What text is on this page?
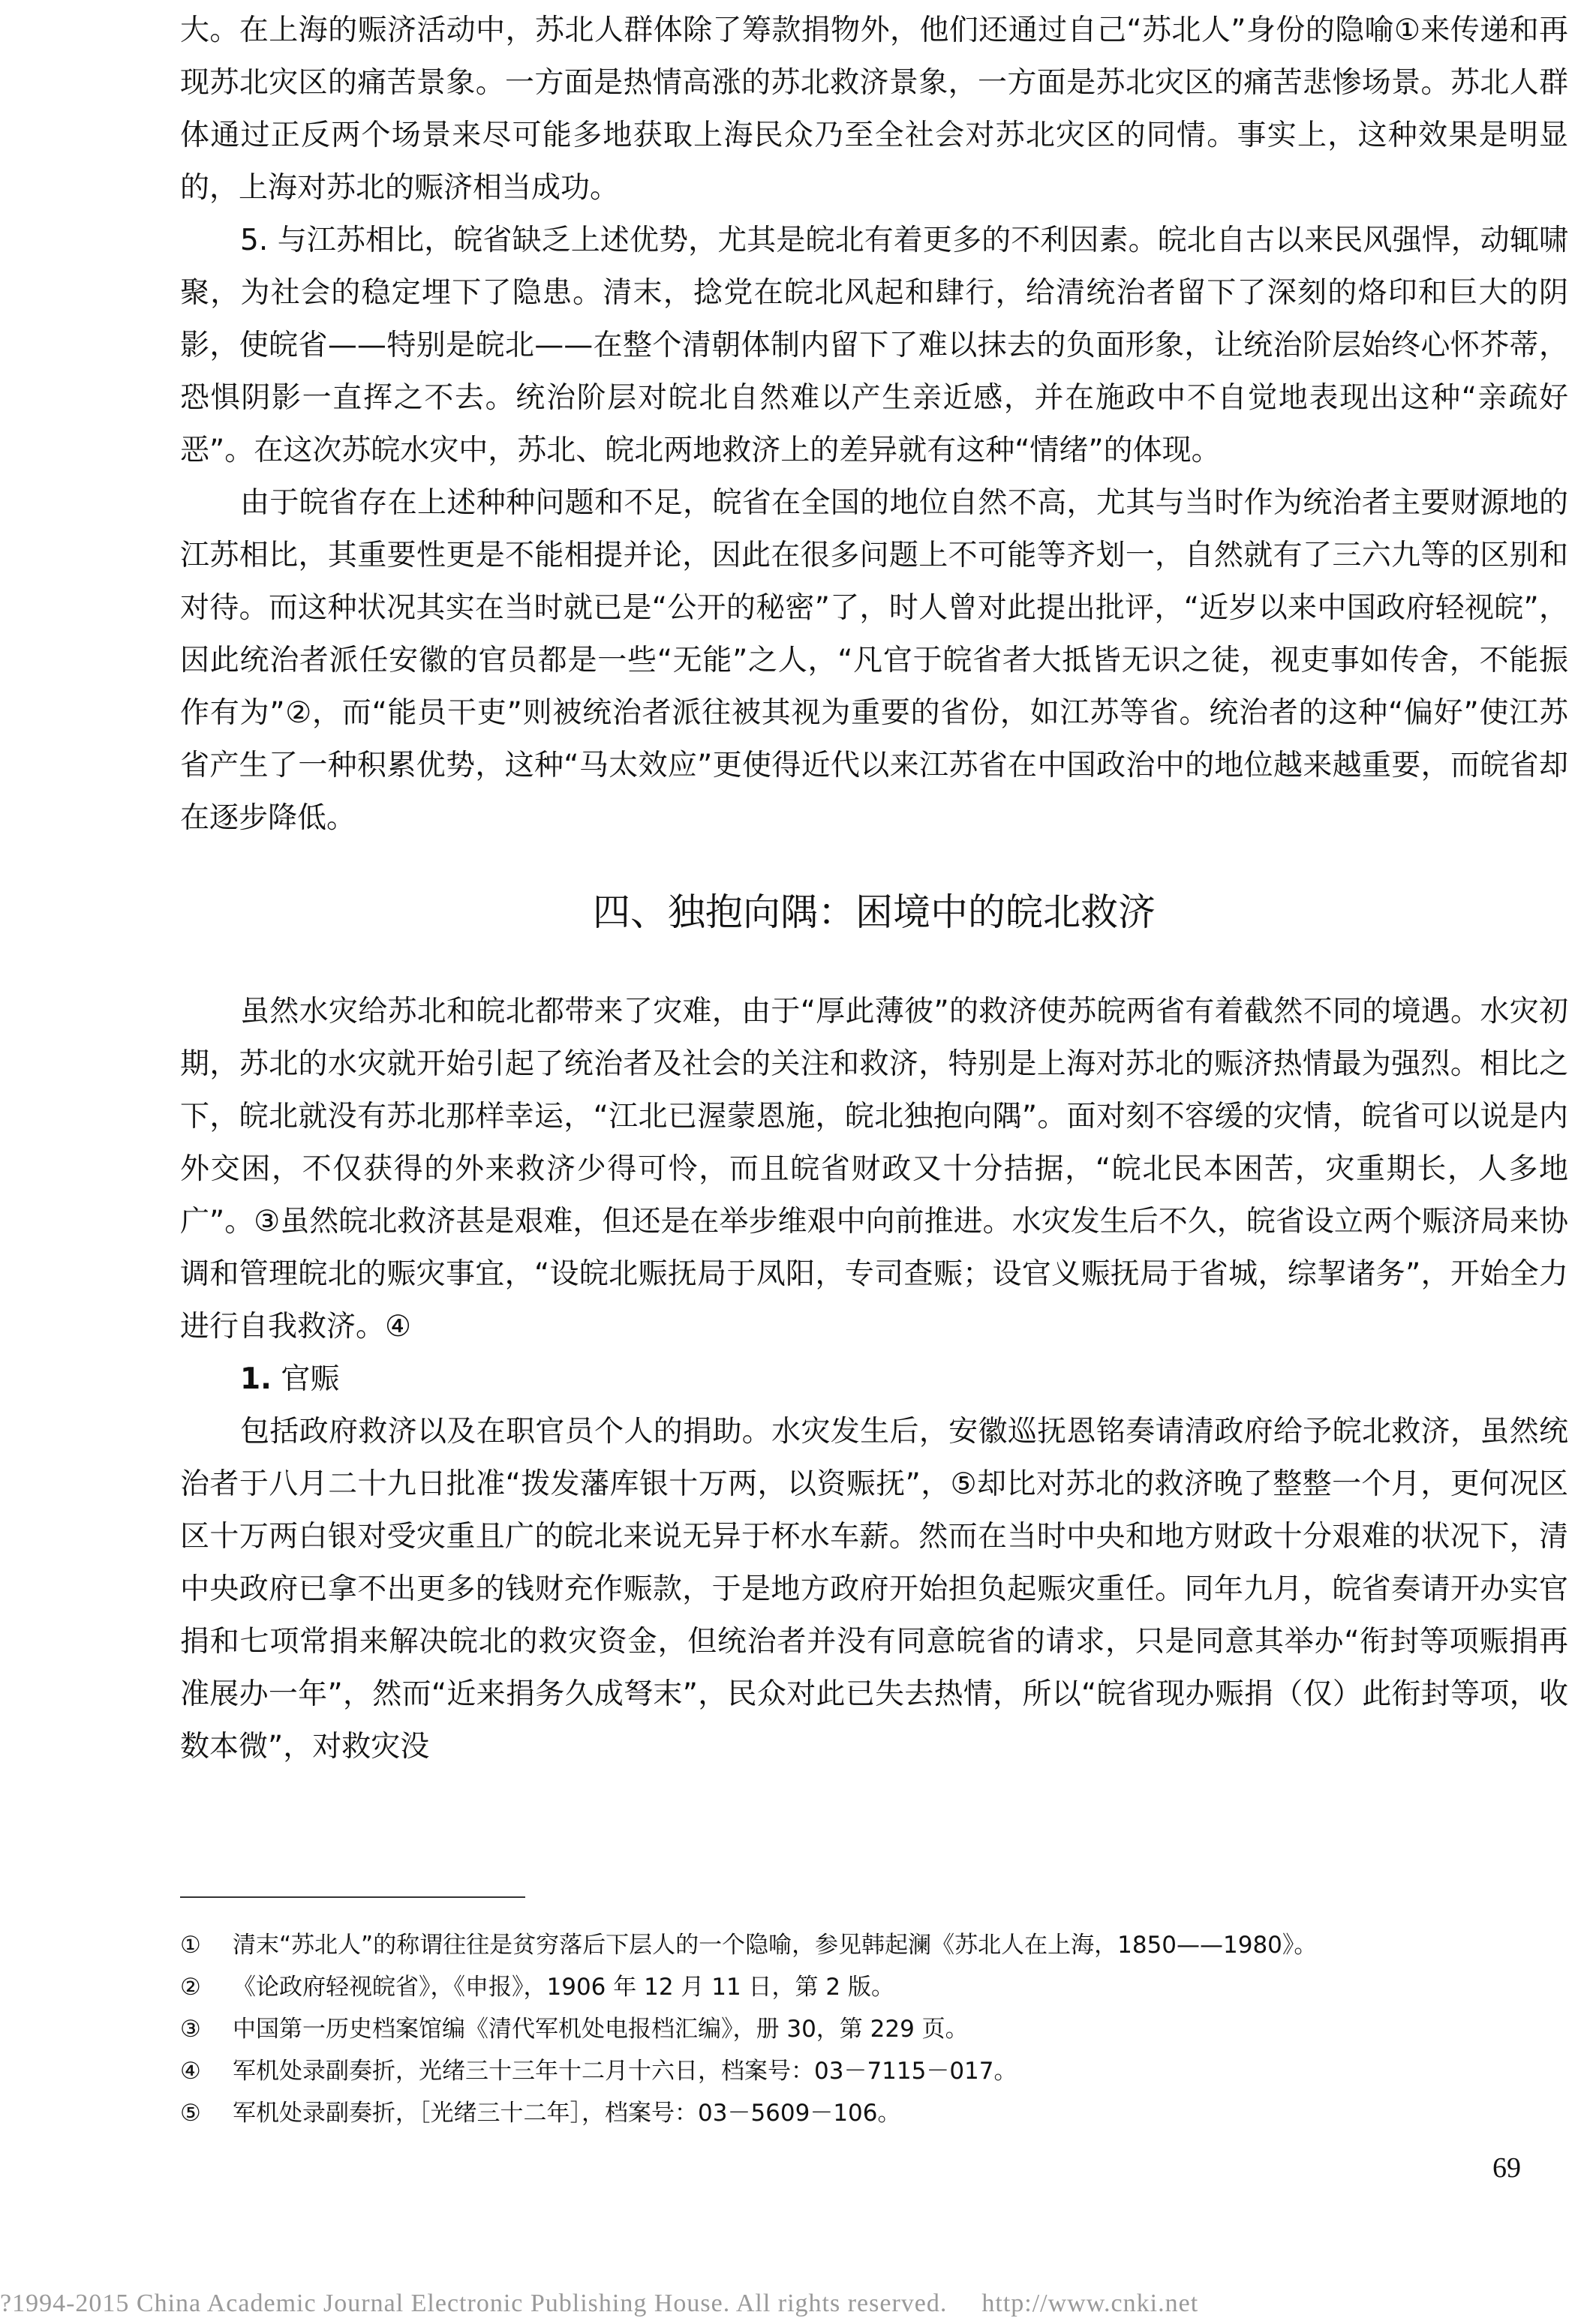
大。在上海的赈济活动中，苏北人群体除了筹款捐物外，他们还通过自己“苏北人”身份的隐喻①来传递和再现苏北灾区的痛苦景象。一方面是热情高涨的苏北救济景象，一方面是苏北灾区的痛苦悲惨场景。苏北人群体通过正反两个场景来尽可能多地获取上海民众乃至全社会对苏北灾区的同情。事实上，这种效果是明显的，上海对苏北的赈济相当成功。

5. 与江苏相比，皖省缺乏上述优势，尤其是皖北有着更多的不利因素。皖北自古以来民风强悍，动辄啸聚，为社会的稳定埋下了隐患。清末，捻党在皖北风起和肆行，给清统治者留下了深刻的烙印和巨大的阴影，使皖省——特别是皖北——在整个清朝体制内留下了难以抹去的负面形象，让统治阶层始终心怀芥蒂，恐惧阴影一直挥之不去。统治阶层对皖北自然难以产生亲近感，并在施政中不自觉地表现出这种“亲疏好恶”。在这次苏皖水灾中，苏北、皖北两地救济上的差异就有这种“情绪”的体现。

由于皖省存在上述种种问题和不足，皖省在全国的地位自然不高，尤其与当时作为统治者主要财源地的江苏相比，其重要性更是不能相提并论，因此在很多问题上不可能等齐划一，自然就有了三六九等的区别和对待。而这种状况其实在当时就已是“公开的秘密”了，时人曾对此提出批评，“近岁以来中国政府轻视皖”，因此统治者派任安徽的官员都是一些“无能”之人，“凡官于皖省者大抵皆无识之徒，视吏事如传舍，不能振作有为”②，而“能员干吏”则被统治者派往被其视为重要的省份，如江苏等省。统治者的这种“偏好”使江苏省产生了一种积累优势，这种“马太效应”更使得近代以来江苏省在中国政治中的地位越来越重要，而皖省却在逐步降低。

四、独抱向隅：困境中的皖北救济

虽然水灾给苏北和皖北都带来了灾难，由于“厚此薄彼”的救济使苏皖两省有着截然不同的境遇。水灾初期，苏北的水灾就开始引起了统治者及社会的关注和救济，特别是上海对苏北的赈济热情最为强烈。相比之下，皖北就没有苏北那样幸运，“江北已渥蒙恩施，皖北独抱向隅”。面对刻不容缓的灾情，皖省可以说是内外交困，不仅获得的外来救济少得可怜，而且皖省财政又十分拮据，“皖北民本困苦，灾重期长，人多地广”。③虽然皖北救济甚是艰难，但还是在举步维艰中向前推进。水灾发生后不久，皖省设立两个赈济局来协调和管理皖北的赈灾事宜，“设皖北赈抚局于凤阳，专司查赈；设官义赈抚局于省城，综挈诸务”，开始全力进行自我救济。④

1. 官赈

包括政府救济以及在职官员个人的捐助。水灾发生后，安徽巡抚恩铭奏请清政府给予皖北救济，虽然统治者于八月二十九日批准“拨发藩库银十万两，以资赈抚”，⑤却比对苏北的救济晚了整整一个月，更何况区区十万两白银对受灾重且广的皖北来说无异于杯水车薪。然而在当时中央和地方财政十分艰难的状况下，清中央政府已拿不出更多的钱财充作赈款，于是地方政府开始担负起赈灾重任。同年九月，皖省奏请开办实官捐和七项常捐来解决皖北的救灾资金，但统治者并没有同意皖省的请求，只是同意其举办“衔封等项赈捐再准展办一年”，然而“近来捐务久成弩末”，民众对此已失去热情，所以“皖省现办赈捐（仅）此衔封等项，收数本微”，对救灾没

①	清末“苏北人”的称谓往往是贫穷落后下层人的一个隐喻，参见韩起澜《苏北人在上海，1850——1980》。
②	《论政府轻视皖省》，《申报》，1906 年 12 月 11 日，第 2 版。
③	中国第一历史档案馆编《清代军机处电报档汇编》，册 30，第 229 页。
④	军机处录副奏折，光绪三十三年十二月十六日，档案号：03－7115－017。
⑤	军机处录副奏折，［光绪三十二年］，档案号：03－5609－106。
69
?1994-2015 China Academic Journal Electronic Publishing House. All rights reserved. http://www.cnki.net
